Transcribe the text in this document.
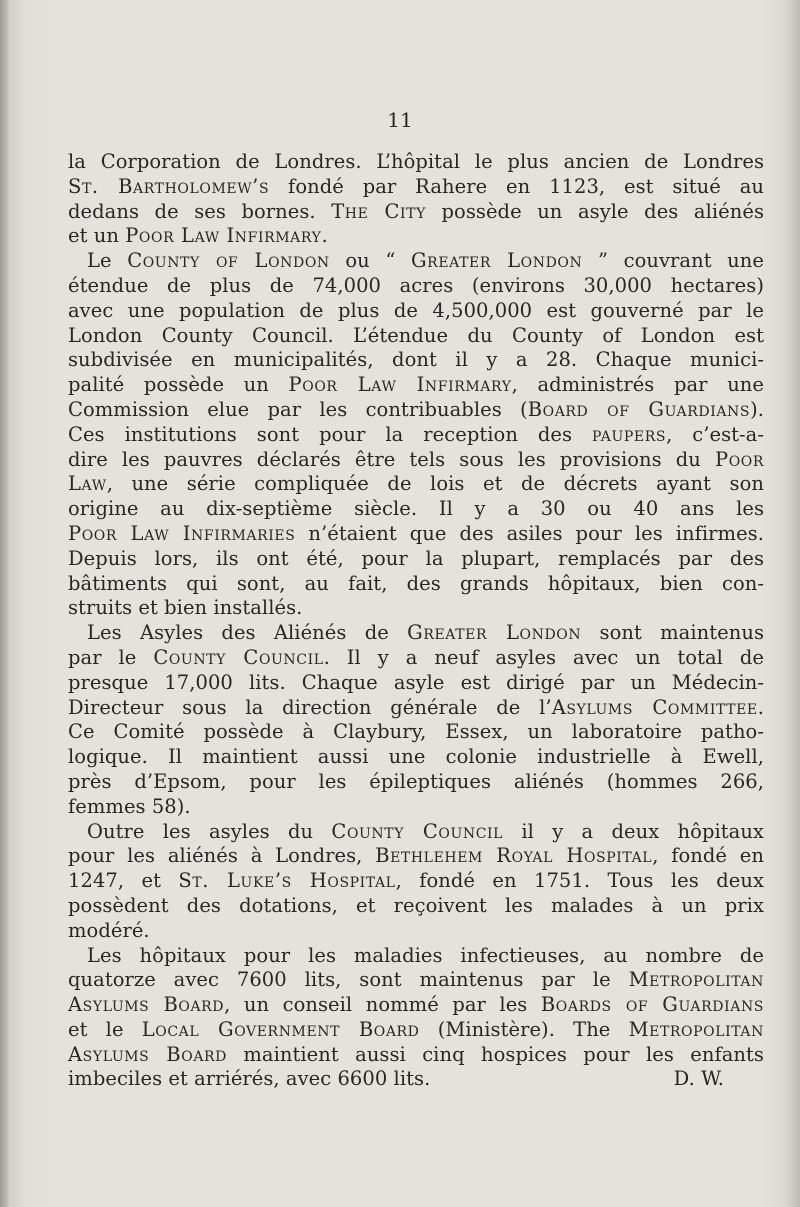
11
la Corporation de Londres. L’hôpital le plus ancien de Londres
St. Bartholomew’s fondé par Rahere en 1123, est situé au
dedans de ses bornes. The City possède un asyle des aliénés
et un Poor Law Infirmary.
Le County of London ou “ Greater London ” couvrant une
étendue de plus de 74,000 acres (environs 30,000 hectares)
avec une population de plus de 4,500,000 est gouverné par le
London County Council. L’étendue du County of London est
subdivisée en municipalités, dont il y a 28. Chaque munici-
palité possède un Poor Law Infirmary, administrés par une
Commission elue par les contribuables (Board of Guardians).
Ces institutions sont pour la reception des paupers, c’est-a-
dire les pauvres déclarés être tels sous les provisions du Poor
Law, une série compliquée de lois et de décrets ayant son
origine au dix-septième siècle. Il y a 30 ou 40 ans les
Poor Law Infirmaries n’étaient que des asiles pour les infirmes.
Depuis lors, ils ont été, pour la plupart, remplacés par des
bâtiments qui sont, au fait, des grands hôpitaux, bien con-
struits et bien installés.
Les Asyles des Aliénés de Greater London sont maintenus
par le County Council. Il y a neuf asyles avec un total de
presque 17,000 lits. Chaque asyle est dirigé par un Médecin-
Directeur sous la direction générale de l’Asylums Committee.
Ce Comité possède à Claybury, Essex, un laboratoire patho-
logique. Il maintient aussi une colonie industrielle à Ewell,
près d’Epsom, pour les épileptiques aliénés (hommes 266,
femmes 58).
Outre les asyles du County Council il y a deux hôpitaux
pour les aliénés à Londres, Bethlehem Royal Hospital, fondé en
1247, et St. Luke’s Hospital, fondé en 1751. Tous les deux
possèdent des dotations, et reçoivent les malades à un prix
modéré.
Les hôpitaux pour les maladies infectieuses, au nombre de
quatorze avec 7600 lits, sont maintenus par le Metropolitan
Asylums Board, un conseil nommé par les Boards of Guardians
et le Local Government Board (Ministère). The Metropolitan
Asylums Board maintient aussi cinq hospices pour les enfants
imbeciles et arriérés, avec 6600 lits.	D. W.
